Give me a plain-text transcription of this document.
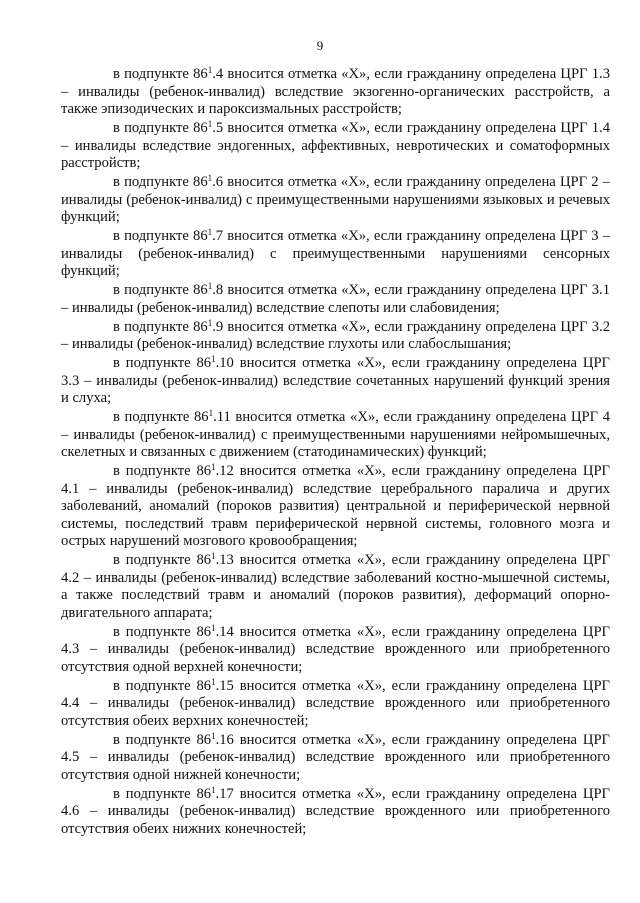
9

в подпункте $86^1.4$ вносится отметка «Х», если гражданину определена ЦРГ 1.3 – инвалиды (ребенок-инвалид) вследствие экзогенно-органических расстройств, а также эпизодических и пароксизмальных расстройств;

в подпункте $86^1.5$ вносится отметка «Х», если гражданину определена ЦРГ 1.4 – инвалиды вследствие эндогенных, аффективных, невротических и соматоформных расстройств;

в подпункте $86^1.6$ вносится отметка «Х», если гражданину определена ЦРГ 2 – инвалиды (ребенок-инвалид) с преимущественными нарушениями языковых и речевых функций;

в подпункте $86^1.7$ вносится отметка «Х», если гражданину определена ЦРГ 3 – инвалиды (ребенок-инвалид) с преимущественными нарушениями сенсорных функций;

в подпункте $86^1.8$ вносится отметка «Х», если гражданину определена ЦРГ 3.1 – инвалиды (ребенок-инвалид) вследствие слепоты или слабовидения;

в подпункте $86^1.9$ вносится отметка «Х», если гражданину определена ЦРГ 3.2 – инвалиды (ребенок-инвалид) вследствие глухоты или слабослышания;

в подпункте $86^1.10$ вносится отметка «Х», если гражданину определена ЦРГ 3.3 – инвалиды (ребенок-инвалид) вследствие сочетанных нарушений функций зрения и слуха;

в подпункте $86^1.11$ вносится отметка «Х», если гражданину определена ЦРГ 4 – инвалиды (ребенок-инвалид) с преимущественными нарушениями нейромышечных, скелетных и связанных с движением (статодинамических) функций;

в подпункте $86^1.12$ вносится отметка «Х», если гражданину определена ЦРГ 4.1 – инвалиды (ребенок-инвалид) вследствие церебрального паралича и других заболеваний, аномалий (пороков развития) центральной и периферической нервной системы, последствий травм периферической нервной системы, головного мозга и острых нарушений мозгового кровообращения;

в подпункте $86^1.13$ вносится отметка «Х», если гражданину определена ЦРГ 4.2 – инвалиды (ребенок-инвалид) вследствие заболеваний костно-мышечной системы, а также последствий травм и аномалий (пороков развития), деформаций опорно-двигательного аппарата;

в подпункте $86^1.14$ вносится отметка «Х», если гражданину определена ЦРГ 4.3 – инвалиды (ребенок-инвалид) вследствие врожденного или приобретенного отсутствия одной верхней конечности;

в подпункте $86^1.15$ вносится отметка «Х», если гражданину определена ЦРГ 4.4 – инвалиды (ребенок-инвалид) вследствие врожденного или приобретенного отсутствия обеих верхних конечностей;

в подпункте $86^1.16$ вносится отметка «Х», если гражданину определена ЦРГ 4.5 – инвалиды (ребенок-инвалид) вследствие врожденного или приобретенного отсутствия одной нижней конечности;

в подпункте $86^1.17$ вносится отметка «Х», если гражданину определена ЦРГ 4.6 – инвалиды (ребенок-инвалид) вследствие врожденного или приобретенного отсутствия обеих нижних конечностей;
